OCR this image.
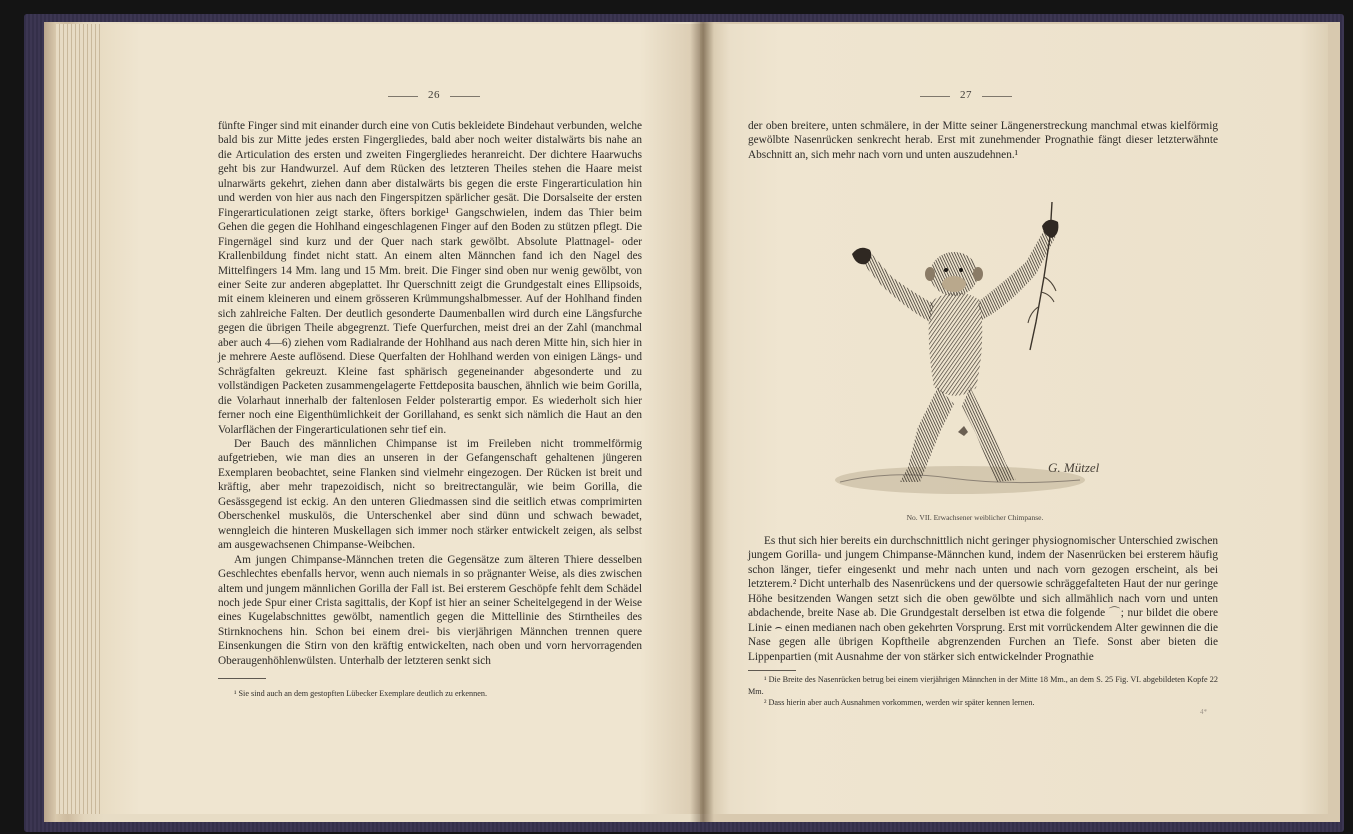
26

fünfte Finger sind mit einander durch eine von Cutis bekleidete Bindehaut verbunden, welche bald bis zur Mitte jedes ersten Fingergliedes, bald aber noch weiter distalwärts bis nahe an die Articulation des ersten und zweiten Fingergliedes heranreicht. Der dichtere Haarwuchs geht bis zur Handwurzel. Auf dem Rücken des letzteren Theiles stehen die Haare meist ulnarwärts gekehrt, ziehen dann aber distalwärts bis gegen die erste Fingerarticulation hin und werden von hier aus nach den Fingerspitzen spärlicher gesät. Die Dorsalseite der ersten Fingerarticulationen zeigt starke, öfters borkige¹ Gangschwielen, indem das Thier beim Gehen die gegen die Hohlhand eingeschlagenen Finger auf den Boden zu stützen pflegt. Die Fingernägel sind kurz und der Quer nach stark gewölbt. Absolute Plattnagel- oder Krallenbildung findet nicht statt. An einem alten Männchen fand ich den Nagel des Mittelfingers 14 Mm. lang und 15 Mm. breit. Die Finger sind oben nur wenig gewölbt, von einer Seite zur anderen abgeplattet. Ihr Querschnitt zeigt die Grundgestalt eines Ellipsoids, mit einem kleineren und einem grösseren Krümmungshalbmesser. Auf der Hohlhand finden sich zahlreiche Falten. Der deutlich gesonderte Daumenballen wird durch eine Längsfurche gegen die übrigen Theile abgegrenzt. Tiefe Querfurchen, meist drei an der Zahl (manchmal aber auch 4—6) ziehen vom Radialrande der Hohlhand aus nach deren Mitte hin, sich hier in je mehrere Aeste auflösend. Diese Querfalten der Hohlhand werden von einigen Längs- und Schrägfalten gekreuzt. Kleine fast sphärisch gegeneinander abgesonderte und zu vollständigen Packeten zusammengelagerte Fettdeposita bauschen, ähnlich wie beim Gorilla, die Volarhaut innerhalb der faltenlosen Felder polsterartig empor. Es wiederholt sich hier ferner noch eine Eigenthümlichkeit der Gorillahand, es senkt sich nämlich die Haut an den Volarflächen der Fingerarticulationen sehr tief ein.

Der Bauch des männlichen Chimpanse ist im Freileben nicht trommelförmig aufgetrieben, wie man dies an unseren in der Gefangenschaft gehaltenen jüngeren Exemplaren beobachtet, seine Flanken sind vielmehr eingezogen. Der Rücken ist breit und kräftig, aber mehr trapezoidisch, nicht so breitrectangulär, wie beim Gorilla, die Gesässgegend ist eckig. An den unteren Gliedmassen sind die seitlich etwas comprimirten Oberschenkel muskulös, die Unterschenkel aber sind dünn und schwach bewadet, wenngleich die hinteren Muskellagen sich immer noch stärker entwickelt zeigen, als selbst am ausgewachsenen Chimpanse-Weibchen.

Am jungen Chimpanse-Männchen treten die Gegensätze zum älteren Thiere desselben Geschlechtes ebenfalls hervor, wenn auch niemals in so prägnanter Weise, als dies zwischen altem und jungem männlichen Gorilla der Fall ist. Bei ersterem Geschöpfe fehlt dem Schädel noch jede Spur einer Crista sagittalis, der Kopf ist hier an seiner Scheitelgegend in der Weise eines Kugelabschnittes gewölbt, namentlich gegen die Mittellinie des Stirntheiles des Stirnknochens hin. Schon bei einem drei- bis vierjährigen Männchen trennen quere Einsenkungen die Stirn von den kräftig entwickelten, nach oben und vorn hervorragenden Oberaugenhöhlenwülsten. Unterhalb der letzteren senkt sich

¹ Sie sind auch an dem gestopften Lübecker Exemplare deutlich zu erkennen.
27

der oben breitere, unten schmälere, in der Mitte seiner Längenerstreckung manchmal etwas kielförmig gewölbte Nasenrücken senkrecht herab. Erst mit zunehmender Prognathie fängt dieser letzterwähnte Abschnitt an, sich mehr nach vorn und unten auszudehnen.¹

G. Mützel
No. VII. Erwachsener weiblicher Chimpanse.

Es thut sich hier bereits ein durchschnittlich nicht geringer physiognomischer Unterschied zwischen jungem Gorilla- und jungem Chimpanse-Männchen kund, indem der Nasenrücken bei ersterem häufig schon länger, tiefer eingesenkt und mehr nach unten und nach vorn gezogen erscheint, als bei letzterem.² Dicht unterhalb des Nasenrückens und der quersowie schräggefalteten Haut der nur geringe Höhe besitzenden Wangen setzt sich die oben gewölbte und sich allmählich nach vorn und unten abdachende, breite Nase ab. Die Grundgestalt derselben ist etwa die folgende ⌒; nur bildet die obere Linie ⌢ einen medianen nach oben gekehrten Vorsprung. Erst mit vorrückendem Alter gewinnen die die Nase gegen alle übrigen Kopftheile abgrenzenden Furchen an Tiefe. Sonst aber bieten die Lippenpartien (mit Ausnahme der von stärker sich entwickelnder Prognathie

¹ Die Breite des Nasenrücken betrug bei einem vierjährigen Männchen in der Mitte 18 Mm., an dem S. 25 Fig. VI. abgebildeten Kopfe 22 Mm.

² Dass hierin aber auch Ausnahmen vorkommen, werden wir später kennen lernen.

4*
